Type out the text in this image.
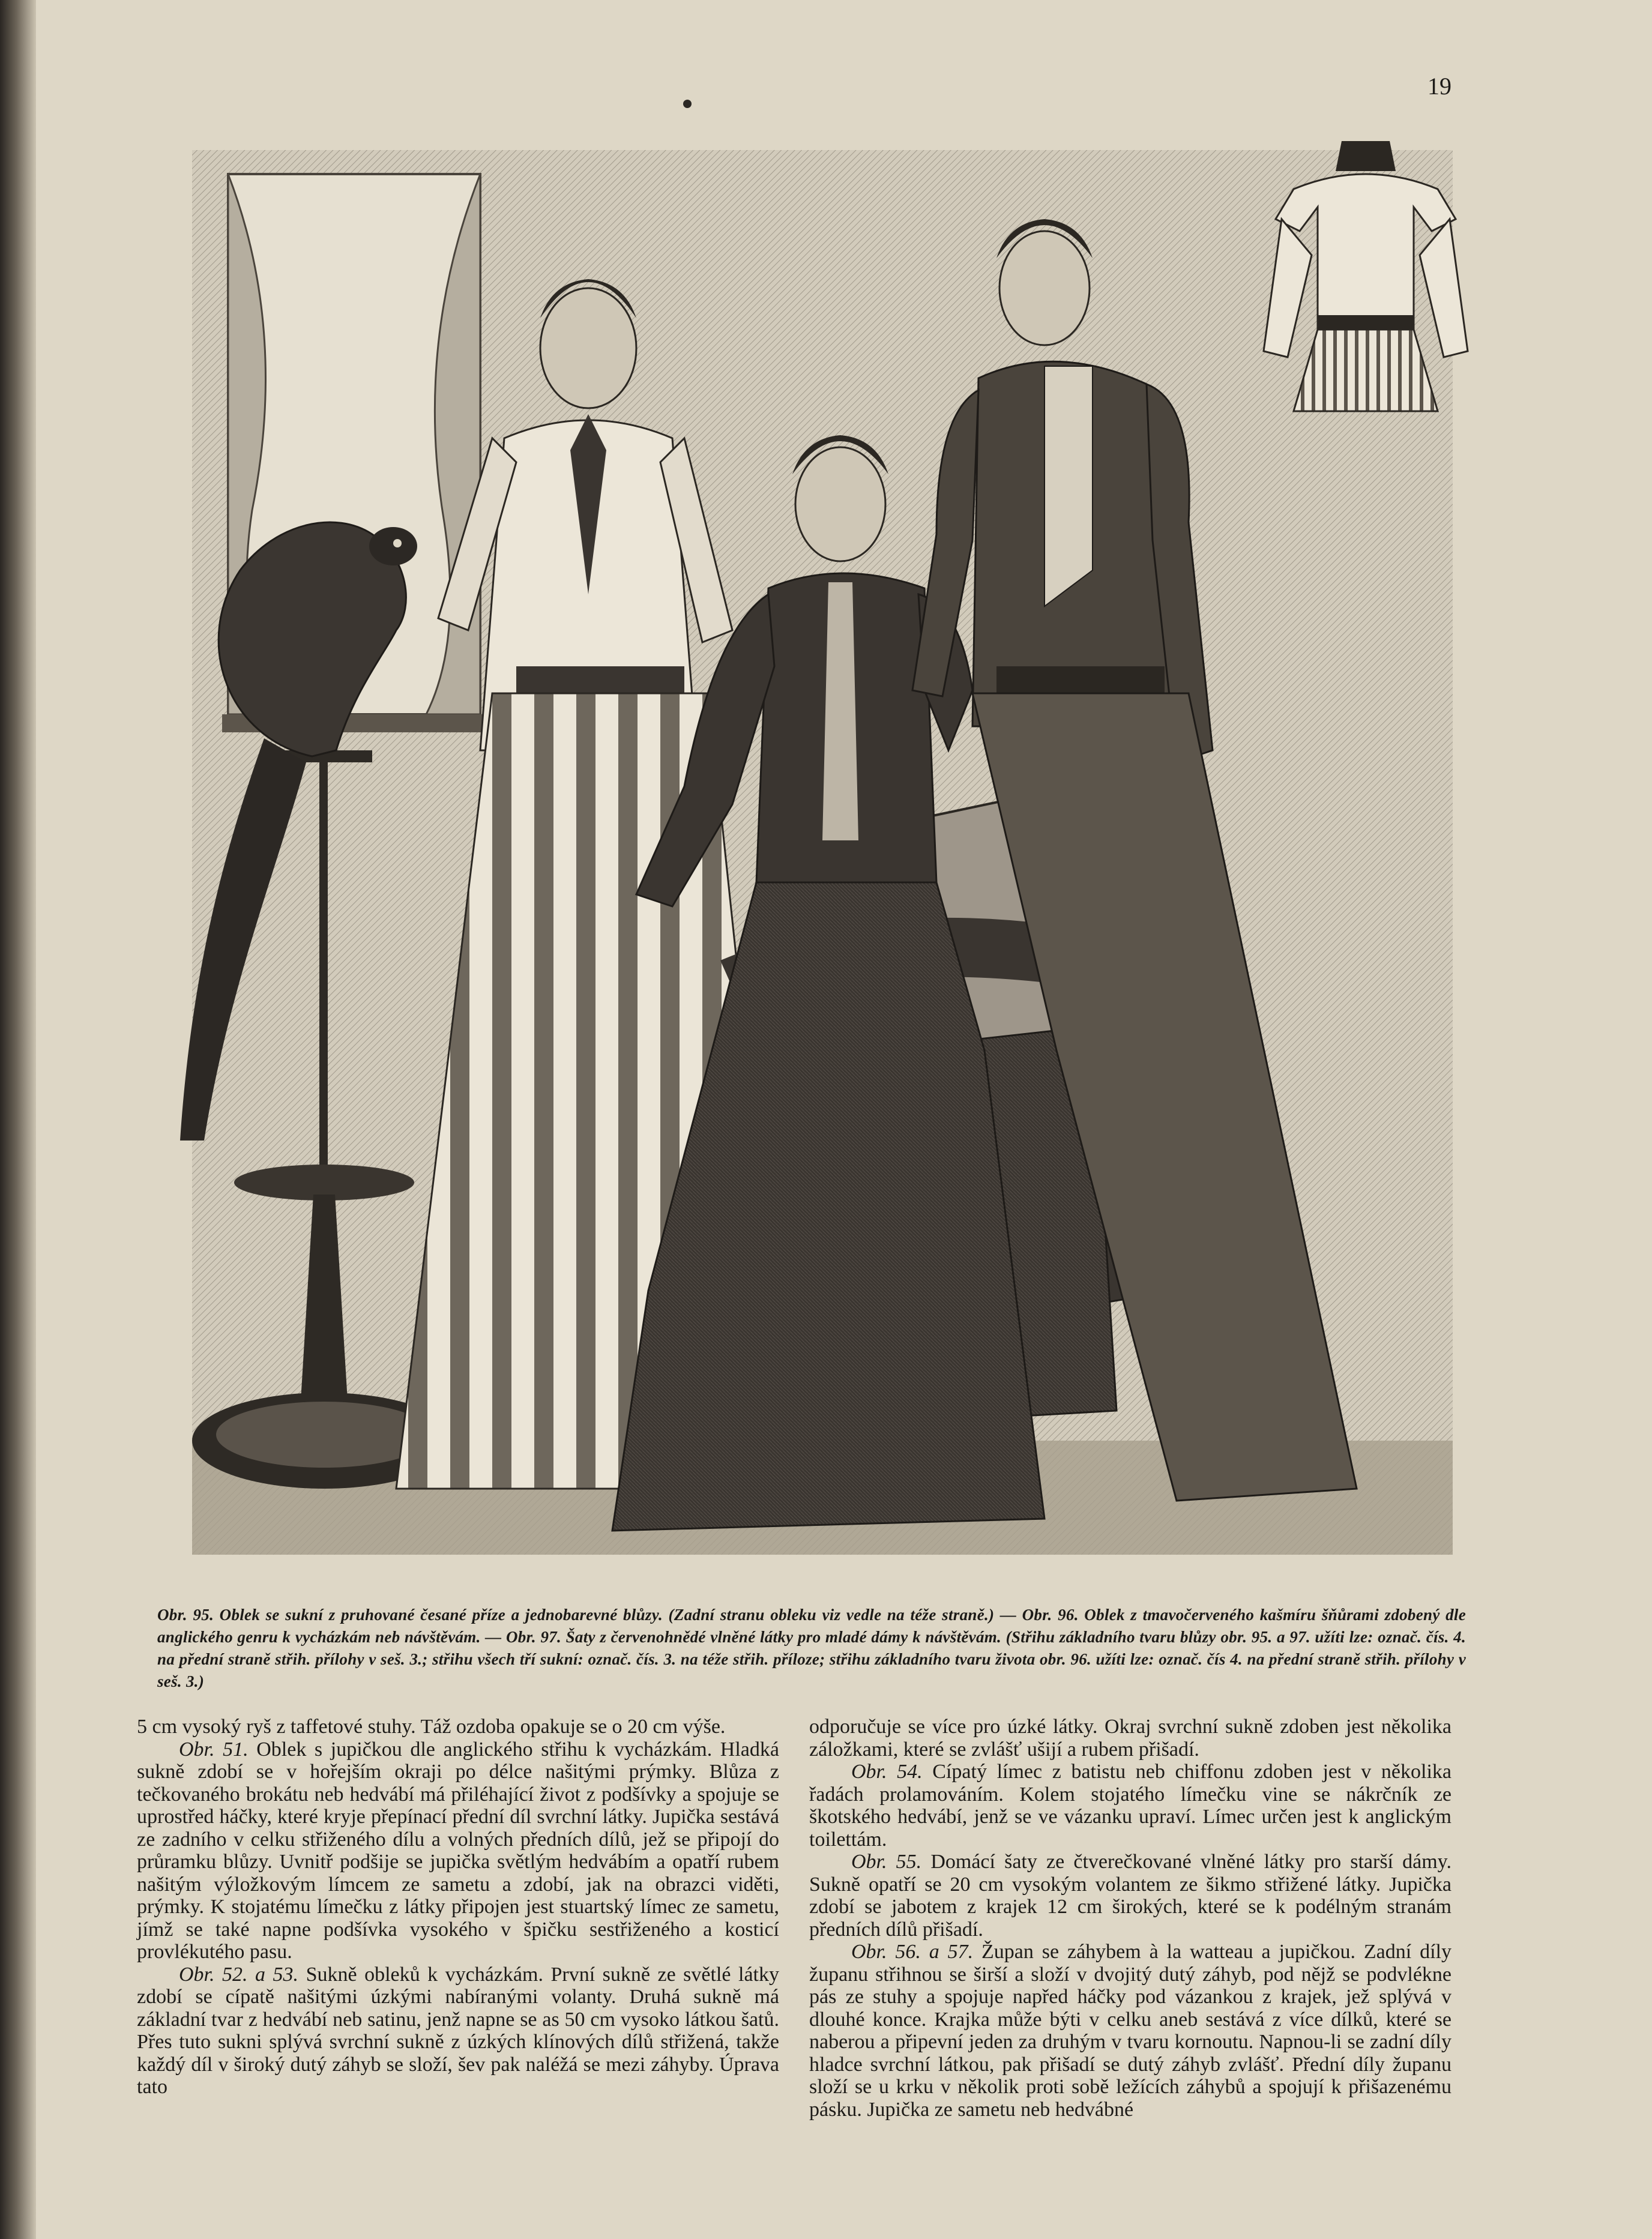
19
Obr. 95. Oblek se sukní z pruhované česané příze a jednobarevné blůzy. (Zadní stranu obleku viz vedle na téže straně.) — Obr. 96. Oblek z tmavočerveného kašmíru šňůrami zdobený dle anglického genru k vycházkám neb návštěvám. — Obr. 97. Šaty z červenohnědé vlněné látky pro mladé dámy k návštěvám. (Střihu základního tvaru blůzy obr. 95. a 97. užíti lze: označ. čís. 4. na přední straně střih. přílohy v seš. 3.; střihu všech tří sukní: označ. čís. 3. na téže střih. příloze; střihu základního tvaru života obr. 96. užíti lze: označ. čís 4. na přední straně střih. přílohy v seš. 3.)

5 cm vysoký ryš z taffetové stuhy. Táž ozdoba opakuje se o 20 cm výše.

Obr. 51. Oblek s jupičkou dle anglického střihu k vycházkám. Hladká sukně zdobí se v hořejším okraji po délce našitými prýmky. Blůza z tečkovaného brokátu neb hedvábí má přiléhající život z podšívky a spojuje se uprostřed háčky, které kryje přepínací přední díl svrchní látky. Jupička sestává ze zadního v celku střiženého dílu a volných předních dílů, jež se připojí do průramku blůzy. Uvnitř podšije se jupička světlým hedvábím a opatří rubem našitým výložkovým límcem ze sametu a zdobí, jak na obrazci viděti, prýmky. K stojatému límečku z látky připojen jest stuartský límec ze sametu, jímž se také napne podšívka vysokého v špičku sestřiženého a kosticí provlékutého pasu.

Obr. 52. a 53. Sukně obleků k vycházkám. První sukně ze světlé látky zdobí se cípatě našitými úzkými nabíranými volanty. Druhá sukně má základní tvar z hedvábí neb satinu, jenž napne se as 50 cm vysoko látkou šatů. Přes tuto sukni splývá svrchní sukně z úzkých klínových dílů střižená, takže každý díl v široký dutý záhyb se složí, šev pak naléžá se mezi záhyby. Úprava tato

odporučuje se více pro úzké látky. Okraj svrchní sukně zdoben jest několika záložkami, které se zvlášť ušijí a rubem přišadí.

Obr. 54. Cípatý límec z batistu neb chiffonu zdoben jest v několika řadách prolamováním. Kolem stojatého límečku vine se nákrčník ze škotského hedvábí, jenž se ve vázanku upraví. Límec určen jest k anglickým toilettám.

Obr. 55. Domácí šaty ze čtverečkované vlněné látky pro starší dámy. Sukně opatří se 20 cm vysokým volantem ze šikmo střižené látky. Jupička zdobí se jabotem z krajek 12 cm širokých, které se k podélným stranám předních dílů přišadí.

Obr. 56. a 57. Župan se záhybem à la watteau a jupičkou. Zadní díly županu střihnou se širší a složí v dvojitý dutý záhyb, pod nějž se podvlékne pás ze stuhy a spojuje napřed háčky pod vázankou z krajek, jež splývá v dlouhé konce. Krajka může býti v celku aneb sestává z více dílků, které se naberou a připevní jeden za druhým v tvaru kornoutu. Napnou-li se zadní díly hladce svrchní látkou, pak přišadí se dutý záhyb zvlášť. Přední díly županu složí se u krku v několik proti sobě ležících záhybů a spojují k přišazenému pásku. Jupička ze sametu neb hedvábné
